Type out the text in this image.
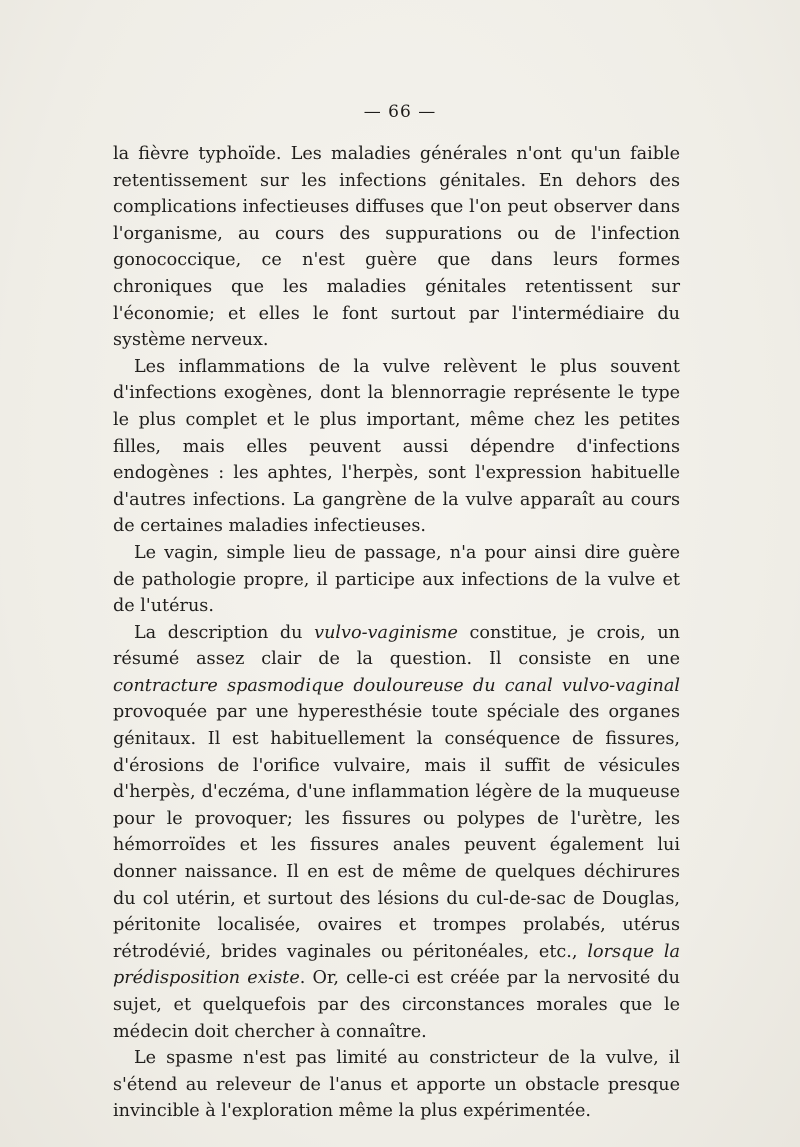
— 66 —

la fièvre typhoïde. Les maladies générales n'ont qu'un faible retentissement sur les infections génitales. En dehors des complications infectieuses diffuses que l'on peut observer dans l'organisme, au cours des suppurations ou de l'infection gonococcique, ce n'est guère que dans leurs formes chroniques que les maladies génitales retentissent sur l'économie; et elles le font surtout par l'intermédiaire du système nerveux.

Les inflammations de la vulve relèvent le plus souvent d'infections exogènes, dont la blennorragie représente le type le plus complet et le plus important, même chez les petites filles, mais elles peuvent aussi dépendre d'infections endogènes : les aphtes, l'herpès, sont l'expression habituelle d'autres infections. La gangrène de la vulve apparaît au cours de certaines maladies infectieuses.

Le vagin, simple lieu de passage, n'a pour ainsi dire guère de pathologie propre, il participe aux infections de la vulve et de l'utérus.

La description du vulvo-vaginisme constitue, je crois, un résumé assez clair de la question. Il consiste en une contracture spasmodique douloureuse du canal vulvo-vaginal provoquée par une hyperesthésie toute spéciale des organes génitaux. Il est habituellement la conséquence de fissures, d'érosions de l'orifice vulvaire, mais il suffit de vésicules d'herpès, d'eczéma, d'une inflammation légère de la muqueuse pour le provoquer; les fissures ou polypes de l'urètre, les hémorroïdes et les fissures anales peuvent également lui donner naissance. Il en est de même de quelques déchirures du col utérin, et surtout des lésions du cul-de-sac de Douglas, péritonite localisée, ovaires et trompes prolabés, utérus rétrodévié, brides vaginales ou péritonéales, etc., lorsque la prédisposition existe. Or, celle-ci est créée par la nervosité du sujet, et quelquefois par des circonstances morales que le médecin doit chercher à connaître.

Le spasme n'est pas limité au constricteur de la vulve, il s'étend au releveur de l'anus et apporte un obstacle presque invincible à l'exploration même la plus expérimentée.
